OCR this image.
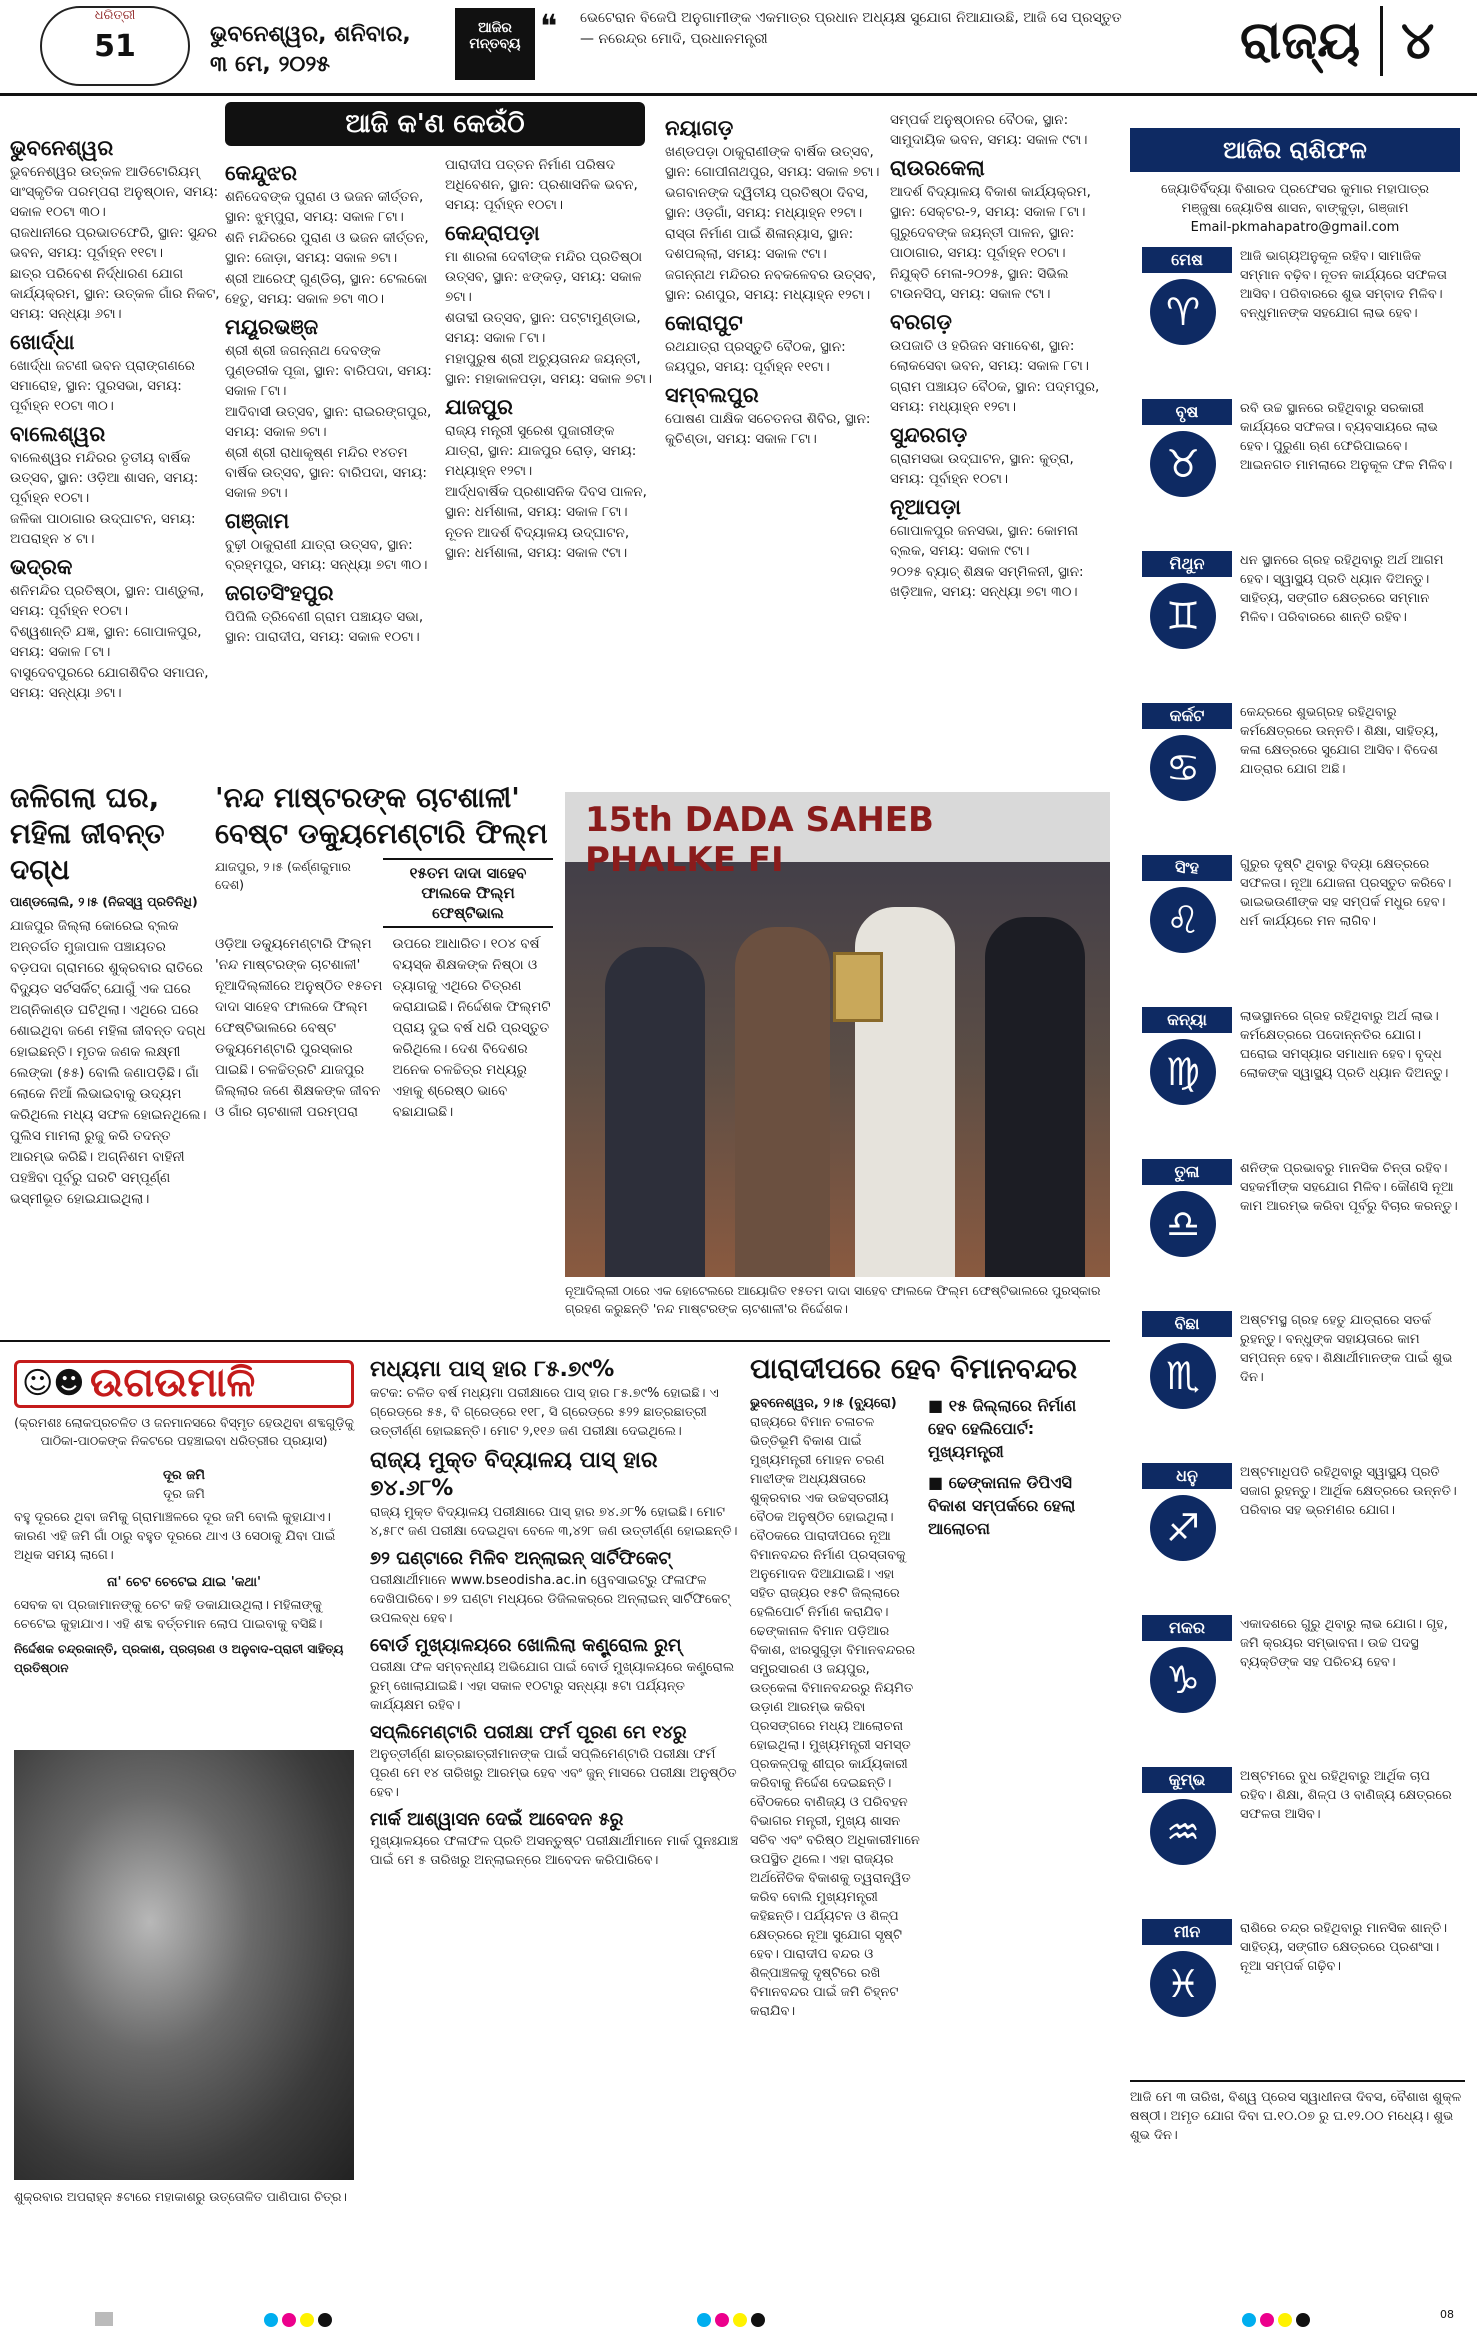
ଧରିତ୍ରୀ
51	ଭୁବନେଶ୍ୱର, ଶନିବାର,
୩ ମେ, ୨୦୨୫
ଆଜିର ମନ୍ତବ୍ୟ ❝ ଭେଟେରାନ ବିଜେପି ଅନୁଗାମୀଙ୍କ ଏକମାତ୍ର ପ୍ରଧାନ ଅଧ୍ୟକ୍ଷ ସୁଯୋଗ ନିଆଯାଉଛି, ଆଜି ସେ ପ୍ରସ୍ତୁତ — ନରେନ୍ଦ୍ର ମୋଦି, ପ୍ରଧାନମନ୍ତ୍ରୀ	ରାଜ୍ୟ ୪
ଆଜି କ'ଣ କେଉଁଠି
ଭୁବନେଶ୍ୱର
ଭୁବନେଶ୍ୱର ଉତ୍କଳ ଆଡିଟୋରିୟମ୍ ସାଂସ୍କୃତିକ ପରମ୍ପରା ଅନୁଷ୍ଠାନ, ସମୟ: ସକାଳ ୧୦ଟା ୩୦।
ରାଜଧାନୀରେ ପ୍ରଭାତଫେରି, ସ୍ଥାନ: ସୁନ୍ଦର ଭବନ, ସମୟ: ପୂର୍ବାହ୍ନ ୧୧ଟା।
ଛାତ୍ର ପରିବେଶ ନିର୍ଦ୍ଧାରଣ ଯୋଗ କାର୍ଯ୍ୟକ୍ରମ, ସ୍ଥାନ: ଉତ୍କଳ ଗାଁର ନିକଟ, ସମୟ: ସନ୍ଧ୍ୟା ୬ଟା।
ଖୋର୍ଦ୍ଧା
ଖୋର୍ଦ୍ଧା ଜଟଣୀ ଭବନ ପ୍ରାଙ୍ଗଣରେ ସମାରୋହ, ସ୍ଥାନ: ପୁରସଭା, ସମୟ: ପୂର୍ବାହ୍ନ ୧୦ଟା ୩୦।
ବାଲେଶ୍ୱର
ବାଲେଶ୍ୱର ମନ୍ଦିରର ତୃତୀୟ ବାର୍ଷିକ ଉତ୍ସବ, ସ୍ଥାନ: ଓଡ଼ିଆ ଶାସନ, ସମୟ: ପୂର୍ବାହ୍ନ ୧୦ଟା।
ଜଳିକା ପାଠାଗାର ଉଦ୍‌ଘାଟନ, ସମୟ: ଅପରାହ୍ନ ୪ ଟା।
ଭଦ୍ରକ
ଶନିମନ୍ଦିର ପ୍ରତିଷ୍ଠା, ସ୍ଥାନ: ପାଣ୍ଡୁଲା, ସମୟ: ପୂର୍ବାହ୍ନ ୧୦ଟା।
ବିଶ୍ୱଶାନ୍ତି ଯଜ୍ଞ, ସ୍ଥାନ: ଗୋପାଳପୁର, ସମୟ: ସକାଳ ୮ଟା।
ବାସୁଦେବପୁରରେ ଯୋଗଶିବିର ସମାପନ, ସମୟ: ସନ୍ଧ୍ୟା ୬ଟା।
କେନ୍ଦୁଝର
ଶନିଦେବଙ୍କ ପୁରାଣ ଓ ଭଜନ କୀର୍ତ୍ତନ, ସ୍ଥାନ: ଝୁମ୍ପୁରା, ସମୟ: ସକାଳ ୮ଟା।
ଶନି ମନ୍ଦିରରେ ପୁରାଣ ଓ ଭଜନ କୀର୍ତ୍ତନ, ସ୍ଥାନ: ଜୋଡ଼ା, ସମୟ: ସକାଳ ୭ଟା।
ଶ୍ରୀ ଆରେଫ୍ ଗୁଣ୍ଡିଚା, ସ୍ଥାନ: ଟେଲକୋ ହେତୁ, ସମୟ: ସକାଳ ୭ଟା ୩୦।
ମୟୂରଭଞ୍ଜ
ଶ୍ରୀ ଶ୍ରୀ ଜଗନ୍ନାଥ ଦେବଙ୍କ ପୁଣ୍ଡରୀକ ପୂଜା, ସ୍ଥାନ: ବାରିପଦା, ସମୟ: ସକାଳ ୮ଟା।
ଆଦିବାସୀ ଉତ୍ସବ, ସ୍ଥାନ: ରାଇରଙ୍ଗପୁର, ସମୟ: ସକାଳ ୭ଟା।
ଶ୍ରୀ ଶ୍ରୀ ରାଧାକୃଷ୍ଣ ମନ୍ଦିର ୧୪ତମ ବାର୍ଷିକ ଉତ୍ସବ, ସ୍ଥାନ: ବାରିପଦା, ସମୟ: ସକାଳ ୭ଟା।
ଗଞ୍ଜାମ
ବୁଢ଼ୀ ଠାକୁରାଣୀ ଯାତ୍ରା ଉତ୍ସବ, ସ୍ଥାନ: ବ୍ରହ୍ମପୁର, ସମୟ: ସନ୍ଧ୍ୟା ୭ଟା ୩୦।
ଜଗତସିଂହପୁର
ପିପିଲି ତ୍ରିବେଣୀ ଗ୍ରାମ ପଞ୍ଚାୟତ ସଭା, ସ୍ଥାନ: ପାରାଦୀପ, ସମୟ: ସକାଳ ୧୦ଟା।
ପାରାଦୀପ ପତ୍ତନ ନିର୍ମାଣ ପରିଷଦ ଅଧିବେଶନ, ସ୍ଥାନ: ପ୍ରଶାସନିକ ଭବନ, ସମୟ: ପୂର୍ବାହ୍ନ ୧୦ଟା।
କେନ୍ଦ୍ରାପଡ଼ା
ମା ଶାରଳା ଦେବୀଙ୍କ ମନ୍ଦିର ପ୍ରତିଷ୍ଠା ଉତ୍ସବ, ସ୍ଥାନ: ଝଙ୍କଡ଼, ସମୟ: ସକାଳ ୭ଟା।
ଶତାବ୍ଦୀ ଉତ୍ସବ, ସ୍ଥାନ: ପଟ୍ଟାମୁଣ୍ଡାଇ, ସମୟ: ସକାଳ ୮ଟା।
ମହାପୁରୁଷ ଶ୍ରୀ ଅଚ୍ୟୁତାନନ୍ଦ ଜୟନ୍ତୀ, ସ୍ଥାନ: ମହାକାଳପଡ଼ା, ସମୟ: ସକାଳ ୭ଟା।
ଯାଜପୁର
ରାଜ୍ୟ ମନ୍ତ୍ରୀ ସୁରେଶ ପୁଜାରୀଙ୍କ ଯାତ୍ରା, ସ୍ଥାନ: ଯାଜପୁର ରୋଡ଼, ସମୟ: ମଧ୍ୟାହ୍ନ ୧୨ଟା।
ଆର୍ଦ୍ଧବାର୍ଷିକ ପ୍ରଶାସନିକ ଦିବସ ପାଳନ, ସ୍ଥାନ: ଧର୍ମଶାଳା, ସମୟ: ସକାଳ ୮ଟା।
ନୂତନ ଆଦର୍ଶ ବିଦ୍ୟାଳୟ ଉଦ୍‌ଘାଟନ, ସ୍ଥାନ: ଧର୍ମଶାଳା, ସମୟ: ସକାଳ ୯ଟା।
ନୟାଗଡ଼
ଖଣ୍ଡପଡ଼ା ଠାକୁରାଣୀଙ୍କ ବାର୍ଷିକ ଉତ୍ସବ, ସ୍ଥାନ: ଗୋପୀନାଥପୁର, ସମୟ: ସକାଳ ୭ଟା।
ଭଗବାନଙ୍କ ଦ୍ୱିତୀୟ ପ୍ରତିଷ୍ଠା ଦିବସ, ସ୍ଥାନ: ଓଡ଼ଗାଁ, ସମୟ: ମଧ୍ୟାହ୍ନ ୧୨ଟା।
ରାସ୍ତା ନିର୍ମାଣ ପାଇଁ ଶିଳାନ୍ୟାସ, ସ୍ଥାନ: ଦଶପଲ୍ଲା, ସମୟ: ସକାଳ ୯ଟା।
ଜଗନ୍ନାଥ ମନ୍ଦିରର ନବକଳେବର ଉତ୍ସବ, ସ୍ଥାନ: ରଣପୁର, ସମୟ: ମଧ୍ୟାହ୍ନ ୧୨ଟା।
କୋରାପୁଟ
ରଥଯାତ୍ରା ପ୍ରସ୍ତୁତି ବୈଠକ, ସ୍ଥାନ: ଜୟପୁର, ସମୟ: ପୂର୍ବାହ୍ନ ୧୧ଟା।
ସମ୍ବଲପୁର
ପୋଷଣ ପାକ୍ଷିକ ସଚେତନତା ଶିବିର, ସ୍ଥାନ: କୁଚିଣ୍ଡା, ସମୟ: ସକାଳ ୮ଟା।
ସମ୍ପର୍କ ଅନୁଷ୍ଠାନର ବୈଠକ, ସ୍ଥାନ: ସାମୁଦାୟିକ ଭବନ, ସମୟ: ସକାଳ ୯ଟା।
ରାଉରକେଲା
ଆଦର୍ଶ ବିଦ୍ୟାଳୟ ବିକାଶ କାର୍ଯ୍ୟକ୍ରମ, ସ୍ଥାନ: ସେକ୍ଟର-୨, ସମୟ: ସକାଳ ୮ଟା।
ଗୁରୁଦେବଙ୍କ ଜୟନ୍ତୀ ପାଳନ, ସ୍ଥାନ: ପାଠାଗାର, ସମୟ: ପୂର୍ବାହ୍ନ ୧୦ଟା।
ନିଯୁକ୍ତି ମେଳା-୨୦୨୫, ସ୍ଥାନ: ସିଭିଲ ଟାଉନସିପ୍, ସମୟ: ସକାଳ ୯ଟା।
ବରଗଡ଼
ଉପଜାତି ଓ ହରିଜନ ସମାବେଶ, ସ୍ଥାନ: ଲୋକସେବା ଭବନ, ସମୟ: ସକାଳ ୮ଟା।
ଗ୍ରାମ ପଞ୍ଚାୟତ ବୈଠକ, ସ୍ଥାନ: ପଦ୍ମପୁର, ସମୟ: ମଧ୍ୟାହ୍ନ ୧୨ଟା।
ସୁନ୍ଦରଗଡ଼
ଗ୍ରାମସଭା ଉଦ୍‌ଘାଟନ, ସ୍ଥାନ: କୁତ୍ରା, ସମୟ: ପୂର୍ବାହ୍ନ ୧୦ଟା।
ନୂଆପଡ଼ା
ଗୋପାଳପୁର ଜନସଭା, ସ୍ଥାନ: କୋମନା ବ୍ଲକ, ସମୟ: ସକାଳ ୯ଟା।
୨୦୨୫ ବ୍ୟାଚ୍ ଶିକ୍ଷକ ସମ୍ମିଳନୀ, ସ୍ଥାନ: ଖଡ଼ିଆଳ, ସମୟ: ସନ୍ଧ୍ୟା ୭ଟା ୩୦।
ଆଜିର ରାଶିଫଳ
ଜ୍ୟୋତିର୍ବିଦ୍ୟା ବିଶାରଦ ପ୍ରଫେସର କୁମାର ମହାପାତ୍ର
ମଞ୍ଜୁଷା ଜ୍ୟୋତିଷ ଶାସନ, ବାଙ୍କୁଡ଼ା, ଗଞ୍ଜାମ
Email-pkmahapatro@gmail.com
ମେଷ
♈
ଆଜି ଭାଗ୍ୟଅନୁକୂଳ ରହିବ। ସାମାଜିକ ସମ୍ମାନ ବଢ଼ିବ। ନୂତନ କାର୍ଯ୍ୟରେ ସଫଳତା ଆସିବ। ପରିବାରରେ ଶୁଭ ସମ୍ବାଦ ମିଳିବ। ବନ୍ଧୁମାନଙ୍କ ସହଯୋଗ ଲାଭ ହେବ।
ବୃଷ
♉
ରବି ଉଚ୍ଚ ସ୍ଥାନରେ ରହିଥିବାରୁ ସରକାରୀ କାର୍ଯ୍ୟରେ ସଫଳତା। ବ୍ୟବସାୟରେ ଲାଭ ହେବ। ପୁରୁଣା ଋଣ ଫେରିପାଇବେ। ଆଇନଗତ ମାମଲାରେ ଅନୁକୂଳ ଫଳ ମିଳିବ।
ମିଥୁନ
♊
ଧନ ସ୍ଥାନରେ ଗ୍ରହ ରହିଥିବାରୁ ଅର୍ଥ ଆଗମ ହେବ। ସ୍ୱାସ୍ଥ୍ୟ ପ୍ରତି ଧ୍ୟାନ ଦିଅନ୍ତୁ। ସାହିତ୍ୟ, ସଙ୍ଗୀତ କ୍ଷେତ୍ରରେ ସମ୍ମାନ ମିଳିବ। ପରିବାରରେ ଶାନ୍ତି ରହିବ।
କର୍କଟ
♋
କେନ୍ଦ୍ରରେ ଶୁଭଗ୍ରହ ରହିଥିବାରୁ କର୍ମକ୍ଷେତ୍ରରେ ଉନ୍ନତି। ଶିକ୍ଷା, ସାହିତ୍ୟ, କଳା କ୍ଷେତ୍ରରେ ସୁଯୋଗ ଆସିବ। ବିଦେଶ ଯାତ୍ରାର ଯୋଗ ଅଛି।
ସିଂହ
♌
ଗୁରୁର ଦୃଷ୍ଟି ଥିବାରୁ ବିଦ୍ୟା କ୍ଷେତ୍ରରେ ସଫଳତା। ନୂଆ ଯୋଜନା ପ୍ରସ୍ତୁତ କରିବେ। ଭାଇଭଉଣୀଙ୍କ ସହ ସମ୍ପର୍କ ମଧୁର ହେବ। ଧର୍ମ କାର୍ଯ୍ୟରେ ମନ ଲାଗିବ।
କନ୍ୟା
♍
ଲାଭସ୍ଥାନରେ ଗ୍ରହ ରହିଥିବାରୁ ଅର୍ଥ ଲାଭ। କର୍ମକ୍ଷେତ୍ରରେ ପଦୋନ୍ନତିର ଯୋଗ। ଘରୋଇ ସମସ୍ୟାର ସମାଧାନ ହେବ। ବୃଦ୍ଧ ଲୋକଙ୍କ ସ୍ୱାସ୍ଥ୍ୟ ପ୍ରତି ଧ୍ୟାନ ଦିଅନ୍ତୁ।
ତୁଳା
♎
ଶନିଙ୍କ ପ୍ରଭାବରୁ ମାନସିକ ଚିନ୍ତା ରହିବ। ସହକର୍ମୀଙ୍କ ସହଯୋଗ ମିଳିବ। କୌଣସି ନୂଆ କାମ ଆରମ୍ଭ କରିବା ପୂର୍ବରୁ ବିଚାର କରନ୍ତୁ।
ବିଛା
♏
ଅଷ୍ଟମସ୍ଥ ଗ୍ରହ ହେତୁ ଯାତ୍ରାରେ ସତର୍କ ରୁହନ୍ତୁ। ବନ୍ଧୁଙ୍କ ସହାୟତାରେ କାମ ସମ୍ପନ୍ନ ହେବ। ଶିକ୍ଷାର୍ଥୀମାନଙ୍କ ପାଇଁ ଶୁଭ ଦିନ।
ଧନୁ
♐
ଅଷ୍ଟମାଧିପତି ରହିଥିବାରୁ ସ୍ୱାସ୍ଥ୍ୟ ପ୍ରତି ସଜାଗ ରୁହନ୍ତୁ। ଆର୍ଥିକ କ୍ଷେତ୍ରରେ ଉନ୍ନତି। ପରିବାର ସହ ଭ୍ରମଣର ଯୋଗ।
ମକର
♑
ଏକାଦଶରେ ଗୁରୁ ଥିବାରୁ ଲାଭ ଯୋଗ। ଗୃହ, ଜମି କ୍ରୟର ସମ୍ଭାବନା। ଉଚ୍ଚ ପଦସ୍ଥ ବ୍ୟକ୍ତିଙ୍କ ସହ ପରିଚୟ ହେବ।
କୁମ୍ଭ
♒
ଅଷ୍ଟମରେ ବୁଧ ରହିଥିବାରୁ ଆର୍ଥିକ ଚାପ ରହିବ। ଶିକ୍ଷା, ଶିଳ୍ପ ଓ ବାଣିଜ୍ୟ କ୍ଷେତ୍ରରେ ସଫଳତା ଆସିବ।
ମୀନ
♓
ରାଶିରେ ଚନ୍ଦ୍ର ରହିଥିବାରୁ ମାନସିକ ଶାନ୍ତି। ସାହିତ୍ୟ, ସଙ୍ଗୀତ କ୍ଷେତ୍ରରେ ପ୍ରଶଂସା। ନୂଆ ସମ୍ପର୍କ ଗଢ଼ିବ।
ଆଜି ମେ ୩ ତାରିଖ, ବିଶ୍ୱ ପ୍ରେସ ସ୍ୱାଧୀନତା ଦିବସ, ବୈଶାଖ ଶୁକ୍ଳ ଷଷ୍ଠୀ। ଅମୃତ ଯୋଗ ଦିବା ଘ.୧୦.୦୭ ରୁ ଘ.୧୨.୦୦ ମଧ୍ୟେ। ଶୁଭ ଶୁଭ ଦିନ।
ଜଳିଗଲା ଘର,
ମହିଳା ଜୀବନ୍ତ ଦଗ୍ଧ
ପାଣ୍ଡଲୋଲି, ୨।୫ (ନିଜସ୍ୱ ପ୍ରତିନିଧି)
ଯାଜପୁର ଜିଲ୍ଲା କୋରେଇ ବ୍ଲକ ଅନ୍ତର୍ଗତ ମୁଜାପାଳ ପଞ୍ଚାୟତର ବଡ଼ପଦା ଗ୍ରାମରେ ଶୁକ୍ରବାର ରାତିରେ ବିଦ୍ୟୁତ ସର୍ଟସର୍କିଟ୍ ଯୋଗୁଁ ଏକ ଘରେ ଅଗ୍ନିକାଣ୍ଡ ଘଟିଥିଲା। ଏଥିରେ ଘରେ ଶୋଇଥିବା ଜଣେ ମହିଳା ଜୀବନ୍ତ ଦଗ୍ଧ ହୋଇଛନ୍ତି। ମୃତକ ଜଣକ ଲକ୍ଷ୍ମୀ ଲେଙ୍କା (୫୫) ବୋଲି ଜଣାପଡ଼ିଛି। ଗାଁ ଲୋକେ ନିଆଁ ଲିଭାଇବାକୁ ଉଦ୍ୟମ କରିଥିଲେ ମଧ୍ୟ ସଫଳ ହୋଇନଥିଲେ। ପୁଲିସ ମାମଲା ରୁଜୁ କରି ତଦନ୍ତ ଆରମ୍ଭ କରିଛି। ଅଗ୍ନିଶମ ବାହିନୀ ପହଞ୍ଚିବା ପୂର୍ବରୁ ଘରଟି ସମ୍ପୂର୍ଣ୍ଣ ଭସ୍ମୀଭୂତ ହୋଇଯାଇଥିଲା।
'ନନ୍ଦ ମାଷ୍ଟରଙ୍କ ଚାଟଶାଳୀ'
ବେଷ୍ଟ ଡକ୍ୟୁମେଣ୍ଟାରି ଫିଲ୍ମ
ଯାଜପୁର, ୨।୫ (କର୍ଣ୍ଣକୁମାର ଦେଶ)
୧୫ତମ ଦାଦା ସାହେବ ଫାଲକେ ଫିଲ୍ମ ଫେଷ୍ଟିଭାଲ
ଓଡ଼ିଆ ଡକ୍ୟୁମେଣ୍ଟାରି ଫିଲ୍ମ 'ନନ୍ଦ ମାଷ୍ଟରଙ୍କ ଚାଟଶାଳୀ' ନୂଆଦିଲ୍ଲୀରେ ଅନୁଷ୍ଠିତ ୧୫ତମ ଦାଦା ସାହେବ ଫାଲକେ ଫିଲ୍ମ ଫେଷ୍ଟିଭାଲରେ ବେଷ୍ଟ ଡକ୍ୟୁମେଣ୍ଟାରି ପୁରସ୍କାର ପାଇଛି। ଚଳଚ୍ଚିତ୍ରଟି ଯାଜପୁର ଜିଲ୍ଲାର ଜଣେ ଶିକ୍ଷକଙ୍କ ଜୀବନ ଓ ଗାଁର ଚାଟଶାଳୀ ପରମ୍ପରା ଉପରେ ଆଧାରିତ। ୧୦୪ ବର୍ଷ ବୟସ୍କ ଶିକ୍ଷକଙ୍କ ନିଷ୍ଠା ଓ ତ୍ୟାଗକୁ ଏଥିରେ ଚିତ୍ରଣ କରାଯାଇଛି। ନିର୍ଦ୍ଦେଶକ ଫିଲ୍ମଟି ପ୍ରାୟ ଦୁଇ ବର୍ଷ ଧରି ପ୍ରସ୍ତୁତ କରିଥିଲେ। ଦେଶ ବିଦେଶର ଅନେକ ଚଳଚ୍ଚିତ୍ର ମଧ୍ୟରୁ ଏହାକୁ ଶ୍ରେଷ୍ଠ ଭାବେ ବଛାଯାଇଛି।
15th DADA SAHEB PHALKE FI
ନୂଆଦିଲ୍ଲୀ ଠାରେ ଏକ ହୋଟେଲରେ ଆୟୋଜିତ ୧୫ତମ ଦାଦା ସାହେବ ଫାଲକେ ଫିଲ୍ମ ଫେଷ୍ଟିଭାଲରେ ପୁରସ୍କାର ଗ୍ରହଣ କରୁଛନ୍ତି 'ନନ୍ଦ ମାଷ୍ଟରଙ୍କ ଚାଟଶାଳୀ'ର ନିର୍ଦ୍ଦେଶକ।
☺☻ ଉଗଉମାଳି
(କ୍ରମଶଃ ଲୋକପ୍ରଚଳିତ ଓ ଜନମାନସରେ ବିସ୍ମୃତ ହେଉଥିବା ଶବ୍ଦଗୁଡ଼ିକୁ ପାଠିକା-ପାଠକଙ୍କ ନିକଟରେ ପହଞ୍ଚାଇବା ଧରିତ୍ରୀର ପ୍ରୟାସ)
ଦୂର ଜମି
ଦୂର ଜମି
ବହୁ ଦୂରରେ ଥିବା ଜମିକୁ ଗ୍ରାମାଞ୍ଚଳରେ ଦୂର ଜମି ବୋଲି କୁହାଯାଏ। କାରଣ ଏହି ଜମି ଗାଁ ଠାରୁ ବହୁତ ଦୂରରେ ଥାଏ ଓ ସେଠାକୁ ଯିବା ପାଇଁ ଅଧିକ ସମୟ ଲାଗେ।
ନା' ଚେଟ ଚେଟେଇ ଯାଇ 'କଥା'
ସେବକ ବା ପ୍ରଜାମାନଙ୍କୁ ଚେଟ କହି ଡକାଯାଉଥିଲା। ମହିଳାଙ୍କୁ ଚେଟେଇ କୁହାଯାଏ। ଏହି ଶବ୍ଦ ବର୍ତ୍ତମାନ ଲୋପ ପାଇବାକୁ ବସିଛି।
ନିର୍ଦ୍ଦେଶକ ଚନ୍ଦ୍ରକାନ୍ତି, ପ୍ରକାଶ, ପ୍ରଚାରଣ ଓ ଅନୁବାଦ-ପ୍ରାଚୀ ସାହିତ୍ୟ ପ୍ରତିଷ୍ଠାନ
ଶୁକ୍ରବାର ଅପରାହ୍ନ ୫ଟାରେ ମହାକାଶରୁ ଉତ୍ତୋଳିତ ପାଣିପାଗ ଚିତ୍ର।
ମଧ୍ୟମା ପାସ୍ ହାର ୮୫.୭୯%
କଟକ: ଚଳିତ ବର୍ଷ ମଧ୍ୟମା ପରୀକ୍ଷାରେ ପାସ୍ ହାର ୮୫.୭୯% ହୋଇଛି। ଏ ଗ୍ରେଡ୍‌ରେ ୫୫, ବି ଗ୍ରେଡ୍‌ରେ ୧୧୮, ସି ଗ୍ରେଡ୍‌ରେ ୫୨୨ ଛାତ୍ରଛାତ୍ରୀ ଉତ୍ତୀର୍ଣ୍ଣ ହୋଇଛନ୍ତି। ମୋଟ ୨,୧୧୬ ଜଣ ପରୀକ୍ଷା ଦେଇଥିଲେ।
ରାଜ୍ୟ ମୁକ୍ତ ବିଦ୍ୟାଳୟ ପାସ୍ ହାର ୭୪.୬୮%
ରାଜ୍ୟ ମୁକ୍ତ ବିଦ୍ୟାଳୟ ପରୀକ୍ଷାରେ ପାସ୍ ହାର ୭୪.୬୮% ହୋଇଛି। ମୋଟ ୪,୫୮୯ ଜଣ ପରୀକ୍ଷା ଦେଇଥିବା ବେଳେ ୩,୪୨୮ ଜଣ ଉତ୍ତୀର୍ଣ୍ଣ ହୋଇଛନ୍ତି।
୭୨ ଘଣ୍ଟାରେ ମିଳିବ ଅନ୍‌ଲାଇନ୍ ସାର୍ଟିଫିକେଟ୍
ପରୀକ୍ଷାର୍ଥୀମାନେ www.bseodisha.ac.in ୱେବସାଇଟ୍‌ରୁ ଫଳାଫଳ ଦେଖିପାରିବେ। ୭୨ ଘଣ୍ଟା ମଧ୍ୟରେ ଡିଜିଲକର୍‌ରେ ଅନ୍‌ଲାଇନ୍ ସାର୍ଟିଫିକେଟ୍ ଉପଲବ୍ଧ ହେବ।
ବୋର୍ଡ ମୁଖ୍ୟାଳୟରେ ଖୋଲିଲା କଣ୍ଟ୍ରୋଲ ରୁମ୍
ପରୀକ୍ଷା ଫଳ ସମ୍ବନ୍ଧୀୟ ଅଭିଯୋଗ ପାଇଁ ବୋର୍ଡ ମୁଖ୍ୟାଳୟରେ କଣ୍ଟ୍ରୋଲ ରୁମ୍ ଖୋଲାଯାଇଛି। ଏହା ସକାଳ ୧୦ଟାରୁ ସନ୍ଧ୍ୟା ୫ଟା ପର୍ଯ୍ୟନ୍ତ କାର୍ଯ୍ୟକ୍ଷମ ରହିବ।
ସପ୍ଲିମେଣ୍ଟାରି ପରୀକ୍ଷା ଫର୍ମ ପୂରଣ ମେ ୧୪ରୁ
ଅନୁତ୍ତୀର୍ଣ୍ଣ ଛାତ୍ରଛାତ୍ରୀମାନଙ୍କ ପାଇଁ ସପ୍ଲିମେଣ୍ଟାରି ପରୀକ୍ଷା ଫର୍ମ ପୂରଣ ମେ ୧୪ ତାରିଖରୁ ଆରମ୍ଭ ହେବ ଏବଂ ଜୁନ୍ ମାସରେ ପରୀକ୍ଷା ଅନୁଷ୍ଠିତ ହେବ।
ମାର୍କ ଆଶ୍ୱାସନ ଦେଇଁ ଆବେଦନ ୫ରୁ
ମୁଖ୍ୟାଳୟରେ ଫଳାଫଳ ପ୍ରତି ଅସନ୍ତୁଷ୍ଟ ପରୀକ୍ଷାର୍ଥୀମାନେ ମାର୍କ ପୁନଃଯାଞ୍ଚ ପାଇଁ ମେ ୫ ତାରିଖରୁ ଅନ୍‌ଲାଇନ୍‌ରେ ଆବେଦନ କରିପାରିବେ।
ପାରାଦୀପରେ ହେବ ବିମାନବନ୍ଦର
ଭୁବନେଶ୍ୱର, ୨।୫ (ବ୍ୟୁରୋ)
ରାଜ୍ୟରେ ବିମାନ ଚଳାଚଳ ଭିତ୍ତିଭୂମି ବିକାଶ ପାଇଁ ମୁଖ୍ୟମନ୍ତ୍ରୀ ମୋହନ ଚରଣ ମାଝୀଙ୍କ ଅଧ୍ୟକ୍ଷତାରେ ଶୁକ୍ରବାର ଏକ ଉଚ୍ଚସ୍ତରୀୟ ବୈଠକ ଅନୁଷ୍ଠିତ ହୋଇଥିଲା। ବୈଠକରେ ପାରାଦୀପରେ ନୂଆ ବିମାନବନ୍ଦର ନିର୍ମାଣ ପ୍ରସ୍ତାବକୁ ଅନୁମୋଦନ ଦିଆଯାଇଛି। ଏହା ସହିତ ରାଜ୍ୟର ୧୫ଟି ଜିଲ୍ଲାରେ ହେଲିପୋର୍ଟ ନିର୍ମାଣ କରାଯିବ। ଢେଙ୍କାନାଳ ବିମାନ ପଡ଼ିଆର ବିକାଶ, ଝାରସୁଗୁଡ଼ା ବିମାନବନ୍ଦରର ସମ୍ପ୍ରସାରଣ ଓ ଜୟପୁର, ଉତ୍କେଳା ବିମାନବନ୍ଦରରୁ ନିୟମିତ ଉଡ଼ାଣ ଆରମ୍ଭ କରିବା ପ୍ରସଙ୍ଗରେ ମଧ୍ୟ ଆଲୋଚନା ହୋଇଥିଲା। ମୁଖ୍ୟମନ୍ତ୍ରୀ ସମସ୍ତ ପ୍ରକଳ୍ପକୁ ଶୀଘ୍ର କାର୍ଯ୍ୟକାରୀ କରିବାକୁ ନିର୍ଦ୍ଦେଶ ଦେଇଛନ୍ତି। ବୈଠକରେ ବାଣିଜ୍ୟ ଓ ପରିବହନ ବିଭାଗର ମନ୍ତ୍ରୀ, ମୁଖ୍ୟ ଶାସନ ସଚିବ ଏବଂ ବରିଷ୍ଠ ଅଧିକାରୀମାନେ ଉପସ୍ଥିତ ଥିଲେ। ଏହା ରାଜ୍ୟର ଅର୍ଥନୈତିକ ବିକାଶକୁ ତ୍ୱରାନ୍ୱିତ କରିବ ବୋଲି ମୁଖ୍ୟମନ୍ତ୍ରୀ କହିଛନ୍ତି। ପର୍ଯ୍ୟଟନ ଓ ଶିଳ୍ପ କ୍ଷେତ୍ରରେ ନୂଆ ସୁଯୋଗ ସୃଷ୍ଟି ହେବ। ପାରାଦୀପ ବନ୍ଦର ଓ ଶିଳ୍ପାଞ୍ଚଳକୁ ଦୃଷ୍ଟିରେ ରଖି ବିମାନବନ୍ଦର ପାଇଁ ଜମି ଚିହ୍ନଟ କରାଯିବ।
■ ୧୫ ଜିଲ୍ଲାରେ ନିର୍ମାଣ ହେବ ହେଲିପୋର୍ଟ: ମୁଖ୍ୟମନ୍ତ୍ରୀ
■ ଢେଙ୍କାନାଳ ଡିପିଏସି ବିକାଶ ସମ୍ପର୍କରେ ହେଲା ଆଲୋଚନା
08
